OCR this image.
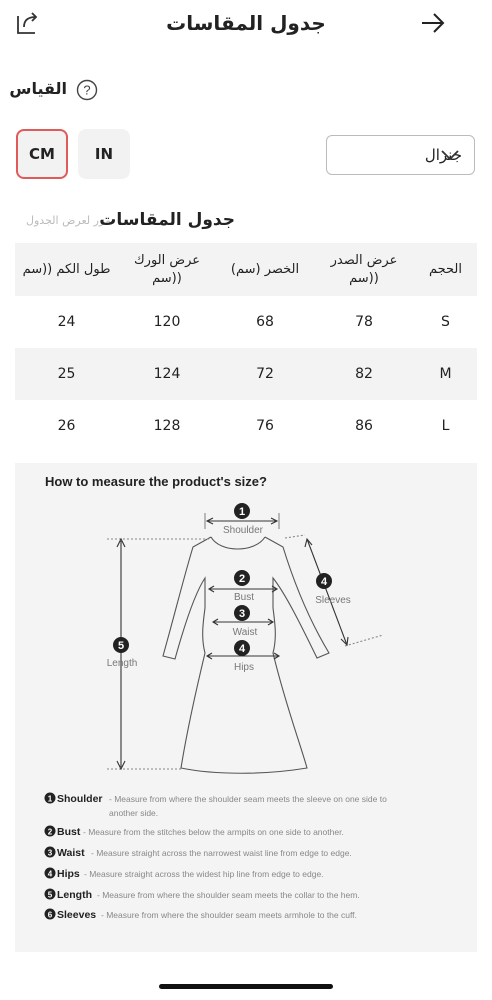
جدول المقاسات
القياس ?
CM	IN	جنرال
مرر لعرض الجدول
جدول المقاسات
طول الكم ((سم	عرض الورك ((سم	(الخصر (سم	عرض الصدر ((سم	الحجم
24	120	68	78	S
25	124	72	82	M
26	128	76	86	L
How to measure the product's size?
1
2
3
4
5
4
Shoulder
Bust
Waist
Hips
Length
Sleeves
1 Shoulder - Measure from where the shoulder seam meets the sleeve on one side to
another side.
2 Bust - Measure from the stitches below the armpits on one side to another.
3 Waist - Measure straight across the narrowest waist line from edge to edge.
4 Hips - Measure straight across the widest hip line from edge to edge.
5 Length - Measure from where the shoulder seam meets the collar to the hem.
6 Sleeves - Measure from where the shoulder seam meets armhole to the cuff.
